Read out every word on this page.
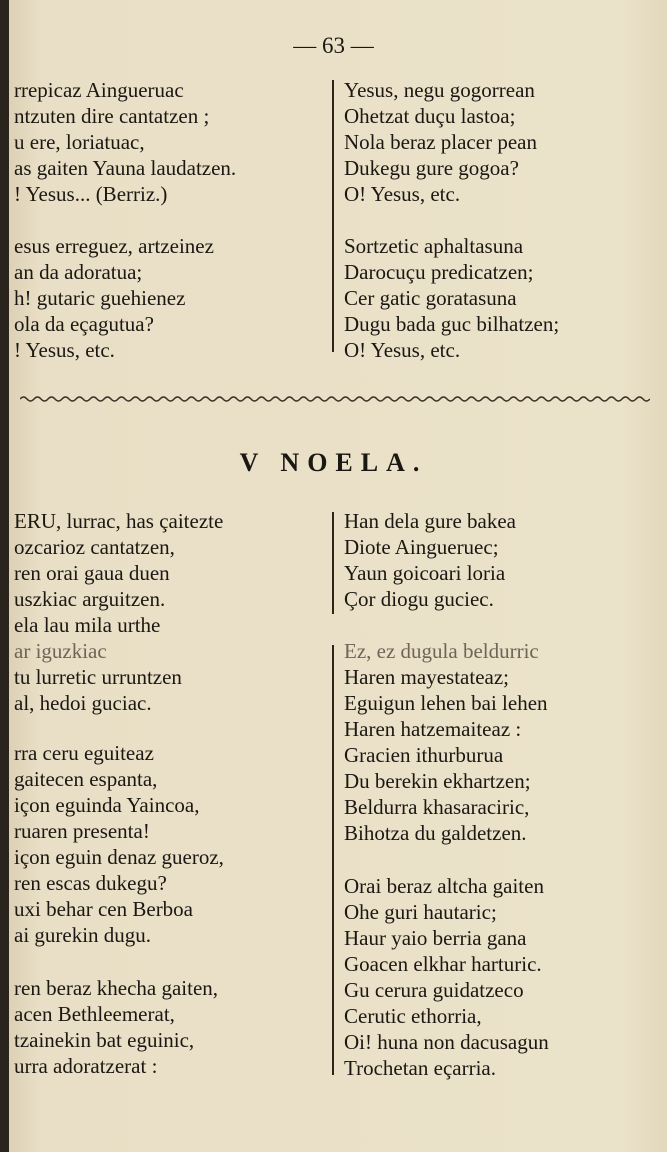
— 63 —
rrepicaz Aingueruac
ntzuten dire cantatzen ;
u ere, loriatuac,
as gaiten Yauna laudatzen.
! Yesus... (Berriz.)
esus erreguez, artzeinez
an da adoratua;
h! gutaric guehienez
ola da eçagutua?
! Yesus, etc.
Yesus, negu gogorrean
Ohetzat duçu lastoa;
Nola beraz placer pean
Dukegu gure gogoa?
O! Yesus, etc.
Sortzetic aphaltasuna
Darocuçu predicatzen;
Cer gatic goratasuna
Dugu bada guc bilhatzen;
O! Yesus, etc.
V NOELA.
ERU, lurrac, has çaitezte
ozcarioz cantatzen,
ren orai gaua duen
uszkiac arguitzen.
ela lau mila urthe
ar iguzkiac
tu lurretic urruntzen
al, hedoi guciac.
rra ceru eguiteaz
gaitecen espanta,
içon eguinda Yaincoa,
ruaren presenta!
içon eguin denaz gueroz,
ren escas dukegu?
uxi behar cen Berboa
ai gurekin dugu.
ren beraz khecha gaiten,
acen Bethleemerat,
tzainekin bat eguinic,
urra adoratzerat :
Han dela gure bakea
Diote Aingueruec;
Yaun goicoari loria
Çor diogu guciec.
Ez, ez dugula beldurric
Haren mayestateaz;
Eguigun lehen bai lehen
Haren hatzemaiteaz :
Gracien ithurburua
Du berekin ekhartzen;
Beldurra khasaraciric,
Bihotza du galdetzen.
Orai beraz altcha gaiten
Ohe guri hautaric;
Haur yaio berria gana
Goacen elkhar harturic.
Gu cerura guidatzeco
Cerutic ethorria,
Oi! huna non dacusagun
Trochetan eçarria.
